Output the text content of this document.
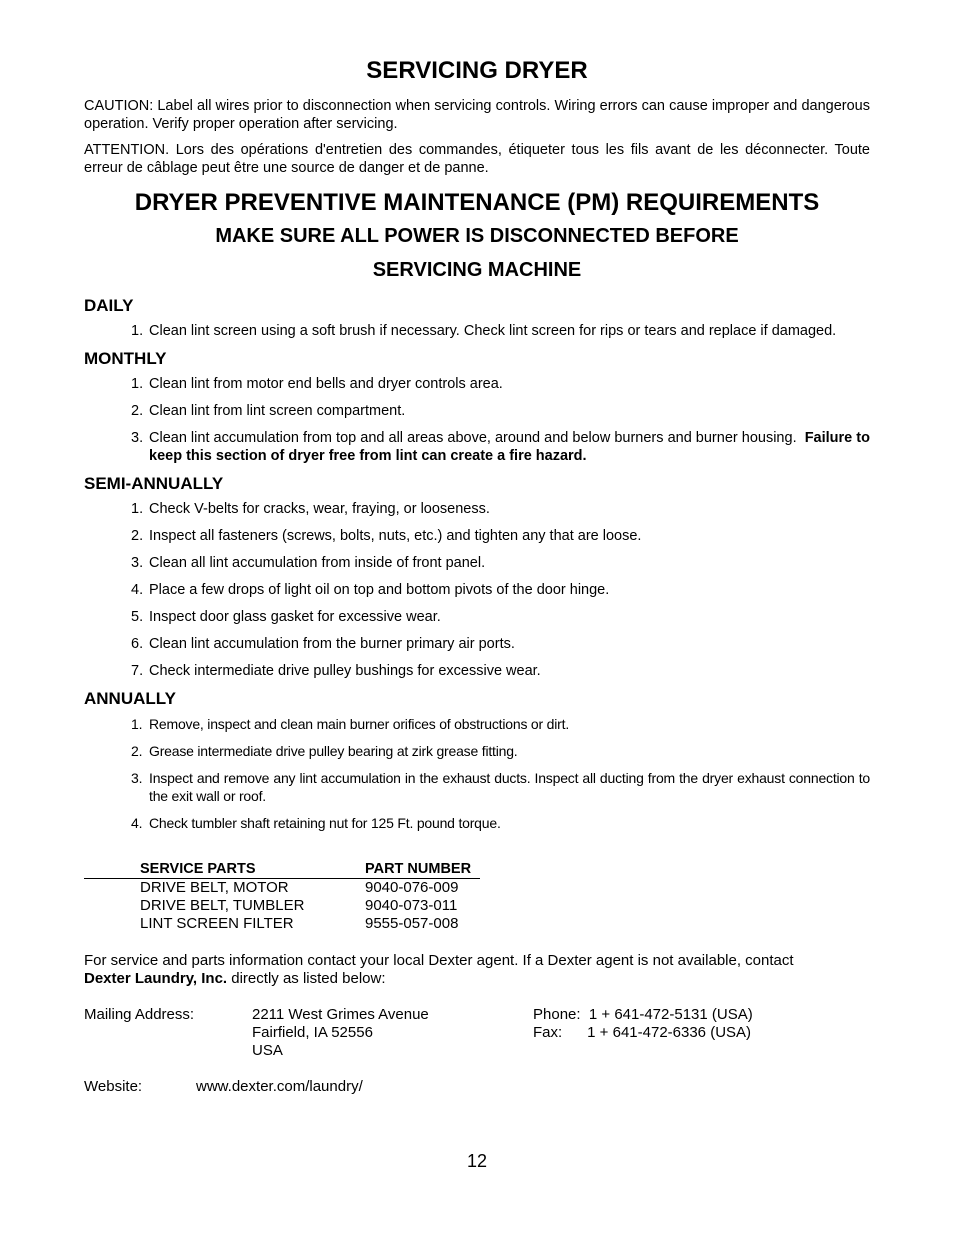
SERVICING DRYER

CAUTION: Label all wires prior to disconnection when servicing controls. Wiring errors can cause improper and dangerous operation. Verify proper operation after servicing.

ATTENTION. Lors des opérations d'entretien des commandes, étiqueter tous les fils avant de les déconnecter. Toute erreur de câblage peut être une source de danger et de panne.

DRYER PREVENTIVE MAINTENANCE (PM) REQUIREMENTS
MAKE SURE ALL POWER IS DISCONNECTED BEFORE
SERVICING MACHINE
DAILY
1. Clean lint screen using a soft brush if necessary. Check lint screen for rips or tears and replace if damaged.
MONTHLY
1. Clean lint from motor end bells and dryer controls area.
2. Clean lint from lint screen compartment.
3. Clean lint accumulation from top and all areas above, around and below burners and burner housing. Failure to keep this section of dryer free from lint can create a fire hazard.
SEMI-ANNUALLY
1. Check V-belts for cracks, wear, fraying, or looseness.
2. Inspect all fasteners (screws, bolts, nuts, etc.) and tighten any that are loose.
3. Clean all lint accumulation from inside of front panel.
4. Place a few drops of light oil on top and bottom pivots of the door hinge.
5. Inspect door glass gasket for excessive wear.
6. Clean lint accumulation from the burner primary air ports.
7. Check intermediate drive pulley bushings for excessive wear.
ANNUALLY
1. Remove, inspect and clean main burner orifices of obstructions or dirt.
2. Grease intermediate drive pulley bearing at zirk grease fitting.
3. Inspect and remove any lint accumulation in the exhaust ducts. Inspect all ducting from the dryer exhaust connection to the exit wall or roof.
4. Check tumbler shaft retaining nut for 125 Ft. pound torque.
SERVICE PARTS	PART NUMBER
DRIVE BELT, MOTOR	9040-076-009
DRIVE BELT, TUMBLER	9040-073-011
LINT SCREEN FILTER	9555-057-008

For service and parts information contact your local Dexter agent. If a Dexter agent is not available, contact
Dexter Laundry, Inc. directly as listed below:

Mailing Address:	2211 West Grimes Avenue
Fairfield, IA 52556
USA
Phone:  1 + 641-472-5131 (USA)
Fax:      1 + 641-472-6336 (USA)
Website:	www.dexter.com/laundry/
12
